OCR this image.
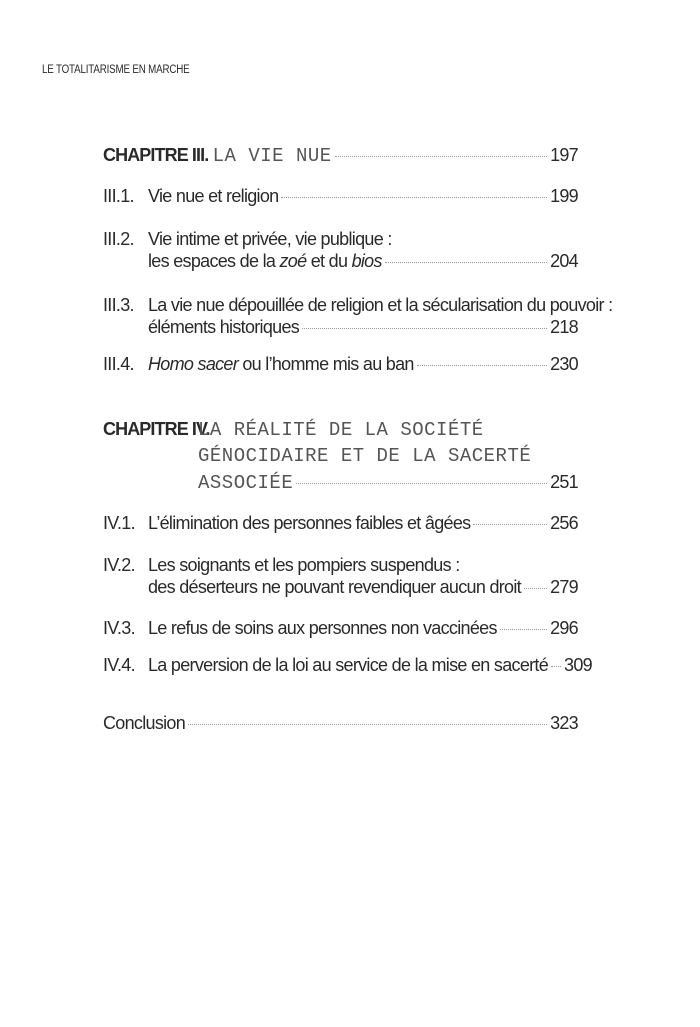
LE TOTALITARISME EN MARCHE
CHAPITRE III.
LA VIE NUE	197
III.1. Vie nue et religion	199
III.2. Vie intime et privée, vie publique :
les espaces de la zoé et du bios	204
III.3. La vie nue dépouillée de religion et la sécularisation du pouvoir :
éléments historiques	218
III.4. Homo sacer ou l’homme mis au ban	230
CHAPITRE IV.
LA RÉALITÉ DE LA SOCIÉTÉ
GÉNOCIDAIRE ET DE LA SACERTÉ
ASSOCIÉE	251
IV.1. L’élimination des personnes faibles et âgées	256
IV.2. Les soignants et les pompiers suspendus :
des déserteurs ne pouvant revendiquer aucun droit 279
IV.3. Le refus de soins aux personnes non vaccinées	296
IV.4. La perversion de la loi au service de la mise en sacerté 309
Conclusion	323
